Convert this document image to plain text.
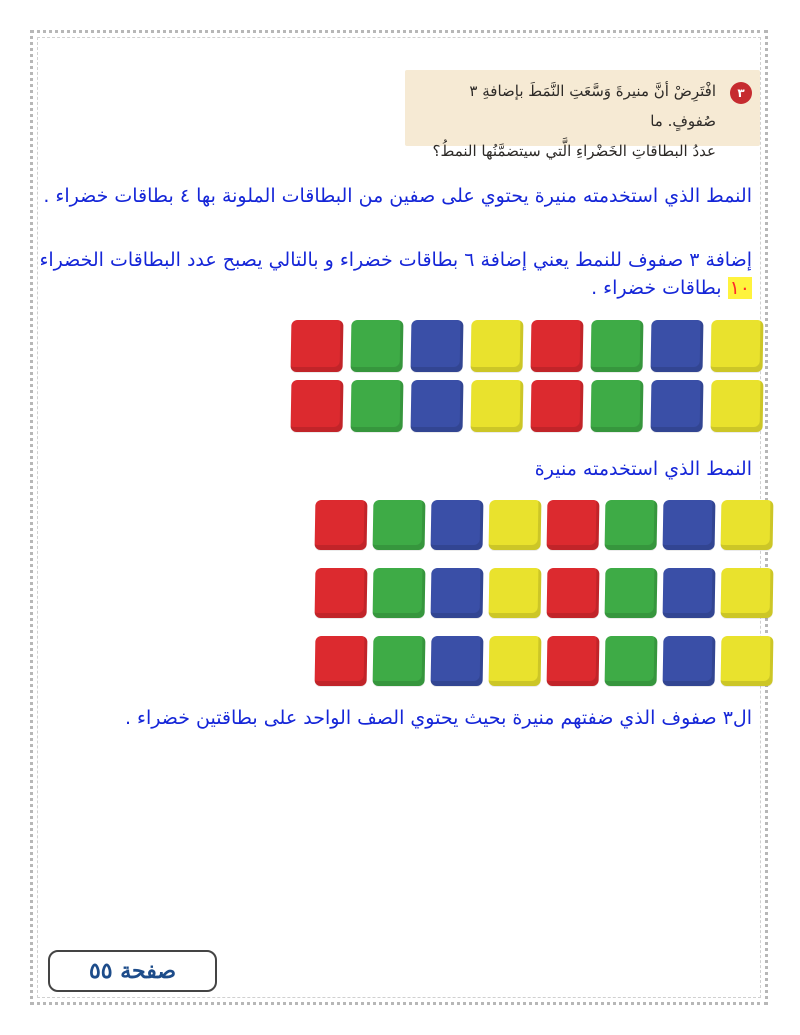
٣
افْتَرِضْ أنَّ منيرةَ وَسَّعَتِ النَّمَطَ بإضافةِ ٣ صُفوفٍ. ما
عددُ البطاقاتِ الخَضْراءِ الَّتي سيتضمَّنُها النمطُ؟
النمط الذي استخدمته منيرة يحتوي على صفين من البطاقات الملونة بها ٤ بطاقات خضراء .
إضافة ٣ صفوف للنمط يعني إضافة ٦ بطاقات خضراء و بالتالي يصبح عدد البطاقات الخضراء ١٠ بطاقات خضراء .
النمط الذي استخدمته منيرة
ال٣ صفوف الذي ضفتهم منيرة بحيث يحتوي الصف الواحد على بطاقتين خضراء .
صفحة ٥٥
